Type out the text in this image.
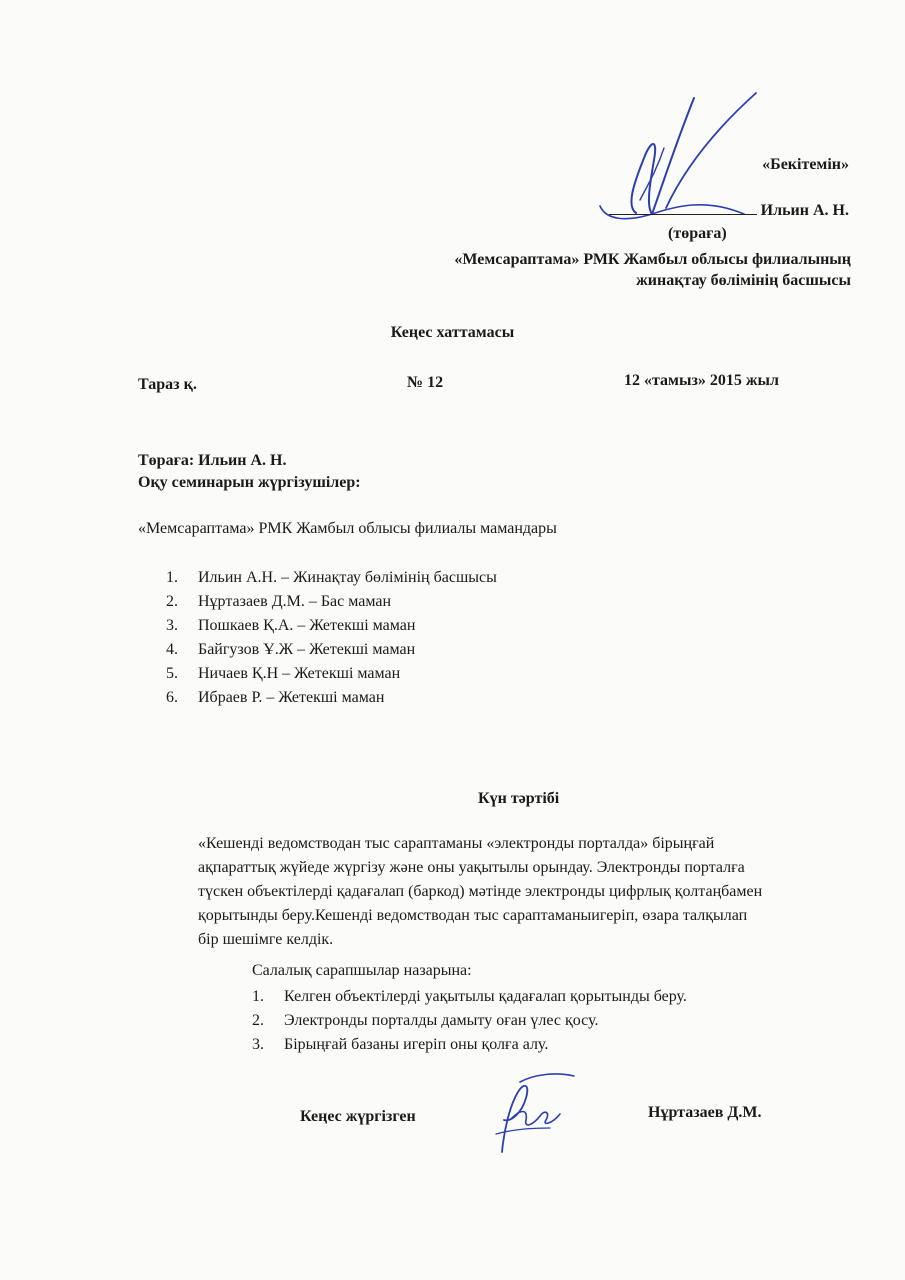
«Бекітемін»
Ильин А. Н.
(төраға)
«Мемсараптама» РМК Жамбыл облысы филиалының
жинақтау бөлімінің басшысы
Кеңес хаттамасы
Тараз қ.	№ 12	12 «тамыз» 2015 жыл
Төраға: Ильин А. Н.
Оқу семинарын жүргізушілер:
«Мемсараптама» РМК Жамбыл облысы филиалы мамандары
1.	Ильин А.Н. – Жинақтау бөлімінің басшысы
2.	Нұртазаев Д.М. – Бас маман
3.	Пошкаев Қ.А. – Жетекші маман
4.	Байгузов Ұ.Ж – Жетекші маман
5.	Ничаев Қ.Н – Жетекші маман
6.	Ибраев Р. – Жетекші маман
Күн тәртібі
«Кешенді ведомстводан тыс сараптаманы «электронды порталда» бірыңғай
ақпараттық жүйеде жүргізу және оны уақытылы орындау. Электронды порталға
түскен объектілерді қадағалап (баркод) мәтінде электронды цифрлық қолтаңбамен
қорытынды беру.Кешенді ведомстводан тыс сараптаманыигеріп, өзара талқылап
бір шешімге келдік.
Салалық сарапшылар назарына:
1.	Келген объектілерді уақытылы қадағалап қорытынды беру.
2.	Электронды порталды дамыту оған үлес қосу.
3.	Бірыңғай базаны игеріп оны қолға алу.
Кеңес жүргізген	Нұртазаев Д.М.
